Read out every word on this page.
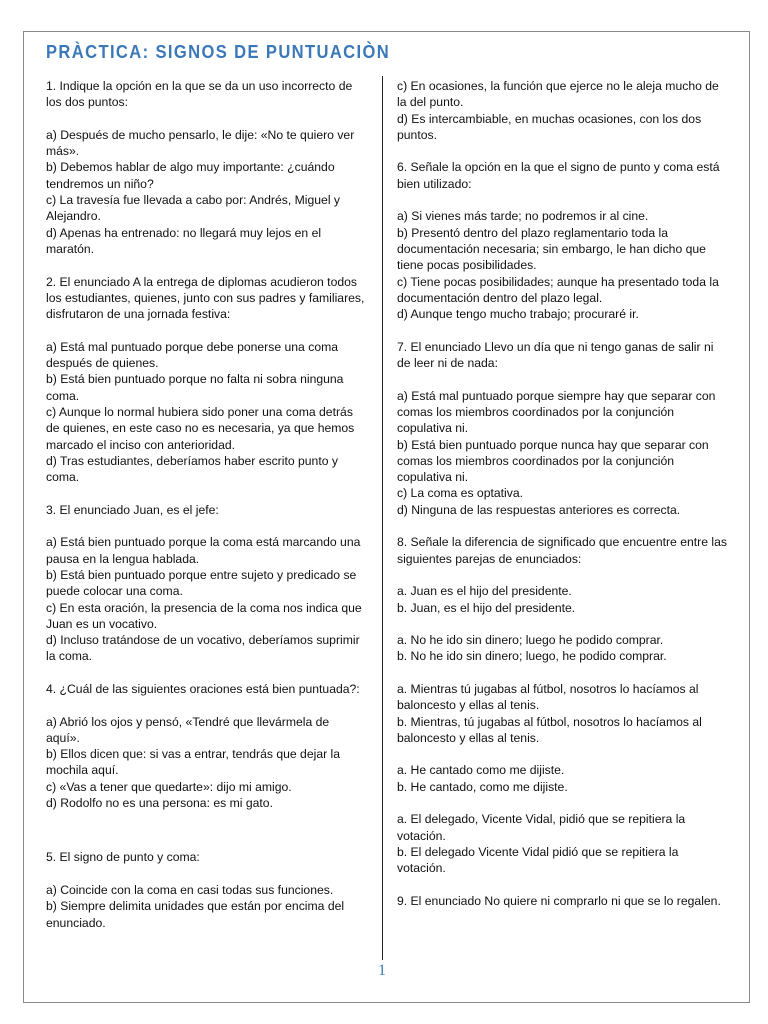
PRÀCTICA: SIGNOS DE PUNTUACIÒN

1. Indique la opción en la que se da un uso incorrecto de los dos puntos:

a) Después de mucho pensarlo, le dije: «No te quiero ver más».
b) Debemos hablar de algo muy importante: ¿cuándo tendremos un niño?
c) La travesía fue llevada a cabo por: Andrés, Miguel y Alejandro.
d) Apenas ha entrenado: no llegará muy lejos en el maratón.

2. El enunciado A la entrega de diplomas acudieron todos los estudiantes, quienes, junto con sus padres y familiares, disfrutaron de una jornada festiva:

a) Está mal puntuado porque debe ponerse una coma después de quienes.
b) Está bien puntuado porque no falta ni sobra ninguna coma.
c) Aunque lo normal hubiera sido poner una coma detrás de quienes, en este caso no es necesaria, ya que hemos marcado el inciso con anterioridad.
d) Tras estudiantes, deberíamos haber escrito punto y coma.

3. El enunciado Juan, es el jefe:

a) Está bien puntuado porque la coma está marcando una pausa en la lengua hablada.
b) Está bien puntuado porque entre sujeto y predicado se puede colocar una coma.
c) En esta oración, la presencia de la coma nos indica que Juan es un vocativo.
d) Incluso tratándose de un vocativo, deberíamos suprimir la coma.

4. ¿Cuál de las siguientes oraciones está bien puntuada?:

a) Abrió los ojos y pensó, «Tendré que llevármela de aquí».
b) Ellos dicen que: si vas a entrar, tendrás que dejar la mochila aquí.
c) «Vas a tener que quedarte»: dijo mi amigo.
d) Rodolfo no es una persona: es mi gato.

5. El signo de punto y coma:

a) Coincide con la coma en casi todas sus funciones.
b) Siempre delimita unidades que están por encima del enunciado.
c) En ocasiones, la función que ejerce no le aleja mucho de la del punto.
d) Es intercambiable, en muchas ocasiones, con los dos puntos.

6. Señale la opción en la que el signo de punto y coma está bien utilizado:

a) Si vienes más tarde; no podremos ir al cine.
b) Presentó dentro del plazo reglamentario toda la documentación necesaria; sin embargo, le han dicho que tiene pocas posibilidades.
c) Tiene pocas posibilidades; aunque ha presentado toda la documentación dentro del plazo legal.
d) Aunque tengo mucho trabajo; procuraré ir.

7. El enunciado Llevo un día que ni tengo ganas de salir ni de leer ni de nada:

a) Está mal puntuado porque siempre hay que separar con comas los miembros coordinados por la conjunción copulativa ni.
b) Está bien puntuado porque nunca hay que separar con comas los miembros coordinados por la conjunción copulativa ni.
c) La coma es optativa.
d) Ninguna de las respuestas anteriores es correcta.

8. Señale la diferencia de significado que encuentre entre las siguientes parejas de enunciados:

a. Juan es el hijo del presidente.
b. Juan, es el hijo del presidente.
a. No he ido sin dinero; luego he podido comprar.
b. No he ido sin dinero; luego, he podido comprar.
a. Mientras tú jugabas al fútbol, nosotros lo hacíamos al baloncesto y ellas al tenis.
b. Mientras, tú jugabas al fútbol, nosotros lo hacíamos al baloncesto y ellas al tenis.
a. He cantado como me dijiste.
b. He cantado, como me dijiste.
a. El delegado, Vicente Vidal, pidió que se repitiera la votación.
b. El delegado Vicente Vidal pidió que se repitiera la votación.

9. El enunciado No quiere ni comprarlo ni que se lo regalen.

1
